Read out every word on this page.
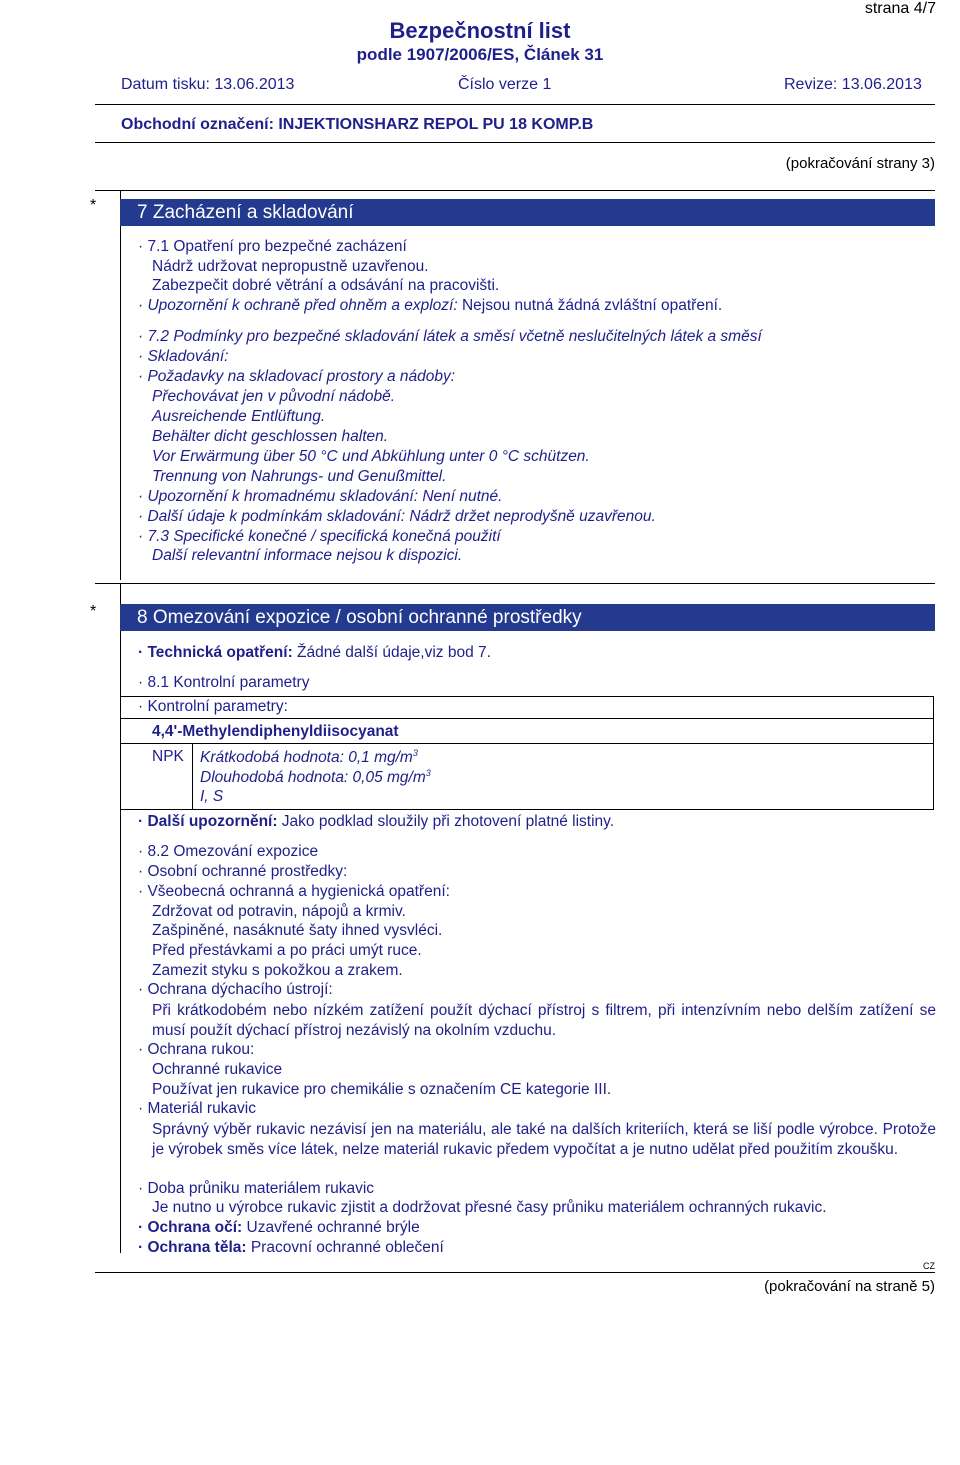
strana 4/7
Bezpečnostní list
podle 1907/2006/ES, Článek 31
Datum tisku: 13.06.2013	Číslo verze 1	Revize: 13.06.2013
Obchodní označení: INJEKTIONSHARZ REPOL PU 18 KOMP.B
(pokračování strany 3)
*	7 Zacházení a skladování
· 7.1 Opatření pro bezpečné zacházení
Nádrž udržovat nepropustně uzavřenou.
Zabezpečit dobré větrání a odsávání na pracovišti.
· Upozornění k ochraně před ohněm a explozí: Nejsou nutná žádná zvláštní opatření.
· 7.2 Podmínky pro bezpečné skladování látek a směsí včetně neslučitelných látek a směsí
· Skladování:
· Požadavky na skladovací prostory a nádoby:
Přechovávat jen v původní nádobě.
Ausreichende Entlüftung.
Behälter dicht geschlossen halten.
Vor Erwärmung über 50 °C und Abkühlung unter 0 °C schützen.
Trennung von Nahrungs- und Genußmittel.
· Upozornění k hromadnému skladování: Není nutné.
· Další údaje k podmínkám skladování: Nádrž držet neprodyšně uzavřenou.
· 7.3 Specifické konečné / specifická konečná použití
Další relevantní informace nejsou k dispozici.
*	8 Omezování expozice / osobní ochranné prostředky
· Technická opatření: Žádné další údaje,viz bod 7.
· 8.1 Kontrolní parametry
· Kontrolní parametry:
4,4'-Methylendiphenyldiisocyanat
NPK Krátkodobá hodnota: 0,1 $mg/m^3$
Dlouhodobá hodnota: 0,05 $mg/m^3$
I, S
· Další upozornění: Jako podklad sloužily při zhotovení platné listiny.
· 8.2 Omezování expozice
· Osobní ochranné prostředky:
· Všeobecná ochranná a hygienická opatření:
Zdržovat od potravin, nápojů a krmiv.
Zašpiněné, nasáknuté šaty ihned vysvléci.
Před přestávkami a po práci umýt ruce.
Zamezit styku s pokožkou a zrakem.
· Ochrana dýchacího ústrojí:
Při krátkodobém nebo nízkém zatížení použít dýchací přístroj s filtrem, při intenzívním nebo delším zatížení se musí použít dýchací přístroj nezávislý na okolním vzduchu.
· Ochrana rukou:
Ochranné rukavice
Používat jen rukavice pro chemikálie s označením CE kategorie III.
· Materiál rukavic
Správný výběr rukavic nezávisí jen na materiálu, ale také na dalších kriteriích, která se liší podle výrobce. Protože je výrobek směs více látek, nelze materiál rukavic předem vypočítat a je nutno udělat před použitím zkoušku.
· Doba průniku materiálem rukavic
Je nutno u výrobce rukavic zjistit a dodržovat přesné časy průniku materiálem ochranných rukavic.
· Ochrana očí: Uzavřené ochranné brýle
· Ochrana těla: Pracovní ochranné oblečení
CZ
(pokračování na straně 5)
